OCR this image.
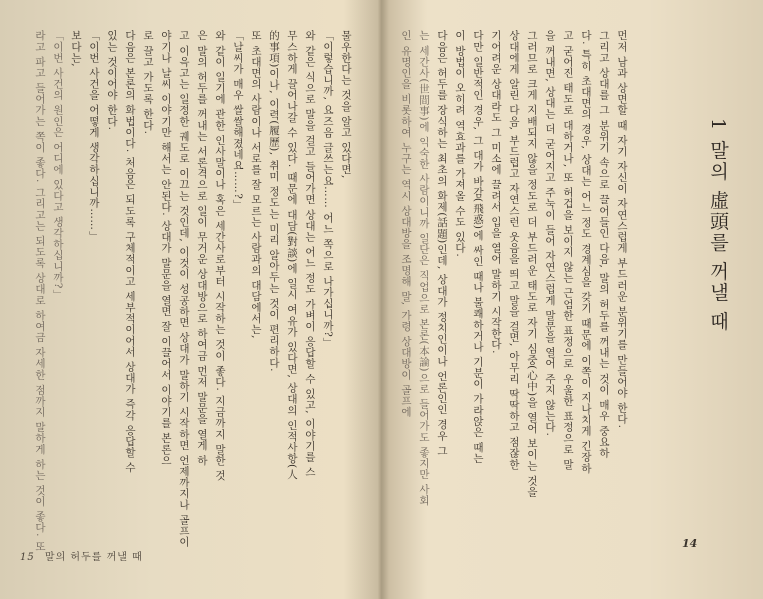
물우한다는 것을 알고 있다면,
「이렇습니까, 요즈음 글쓰는요…… 어느 쪽으로 나가십니까?」
와 같은 식으로 말을 걸고 들어가면 상대는 어느 정도 가벼이 응답할 수 있고, 이야기를 스
무스하게 끌어나갈 수 있다. 때문에 대담(對談)에 일시 여유가 있다면, 상대의 인적사항(人
的事項)이나, 이력(履歷), 취미 정도는 미리 알아두는 것이 편리하다.
또 초대면의 사람이나 서로를 잘 모르는 사람과의 대담에서는,
「날씨가 매우 쌀쌀해졌네요……?」
와 같이 일기에 관한 인사말이나 혹은 세간사로부터 시작하는 것이 좋다. 지금까지 말한 것
은 말의 허두를 꺼내는 서론격으로 일이 무거운 상대방으로 하여금 먼저 말문을 열게 하
고 이윽고는 일정한 궤도로 이끄는 것인데, 이것이 성공하면 상대가 말하기 시작하면 언제까지나 골프이
야기나 날씨 이야기만 해서는 안된다. 상대가 말문을 열면 잘 이끌어서 이야기를 본론으
로 끌고 가도록 한다.
다음은 본론의 화법이다. 처음은 되도록 구체적이고 세부적이어서 상대가 즉각 응답할 수
있는 것이어야 한다.
「이번 사건을 어떻게 생각하십니까……」
보다는,
「이번 사건의 원인은 어디에 있다고 생각하십니까?」
라고 파고 들어가는 쪽이 좋다. 그리고는 되도록 상대로 하여금 자세한 점까지 말하게 하는 것이 좋다. 또
15 말의 허두를 꺼낼 때
1 말의 虛頭를 꺼낼 때
먼저 남과 상면할 때 자기 자신이 자연스럽게 부드러운 분위기를 만들어야 한다.
그리고 상대를 그 분위기 속으로 끌어들인 다음, 말의 허두를 꺼내는 것이 매우 중요하
다. 특히 초대면의 경우, 상대는 어느 정도 경계심을 갖기 때문에 이쪽이 지나치게 긴장하
고 굳어진 태도로 대하거나, 또 허겁을 보이지 않는 근엄한 표정으로 우울한 표정으로 말
을 꺼내면, 상대는 더 굳어지고 주눅이 들어 자연스럽게 말문을 열어 주지 않는다.
그러므로 크게 지배되지 않을 정도로 더 부드러운 태도로 자기 심중(心中)을 열어 보이는 것을
상대에게 알린 다음, 부드럽고 자연스런 웃음을 띄고 말을 걸면, 아무리 딱딱하고 점잖한
기어려운 상대라도 그 미소에 끌려서 입을 열어 말하기 시작한다.
다만 일반적인 경우, 그 대가 바감(飛惑)에 싸인 때나 불쾌하거나 기분이 가라앉은 때는
이 방법이 오히려 역효과를 가져올 수도 있다.
다음은 허두를 장식하는 최초의 화제(話題)인데, 상대가 정치인이나 언론인인 경우 그
는 세간사(世間事)에 익숙한 사람이니까 일단은 직업으로 본론(本論)으로 들어가도 좋지만 사회
인 유명인을 비롯하여 누구는 역시 상대방을 조명해 말, 가령 상대방이 골프에
14
